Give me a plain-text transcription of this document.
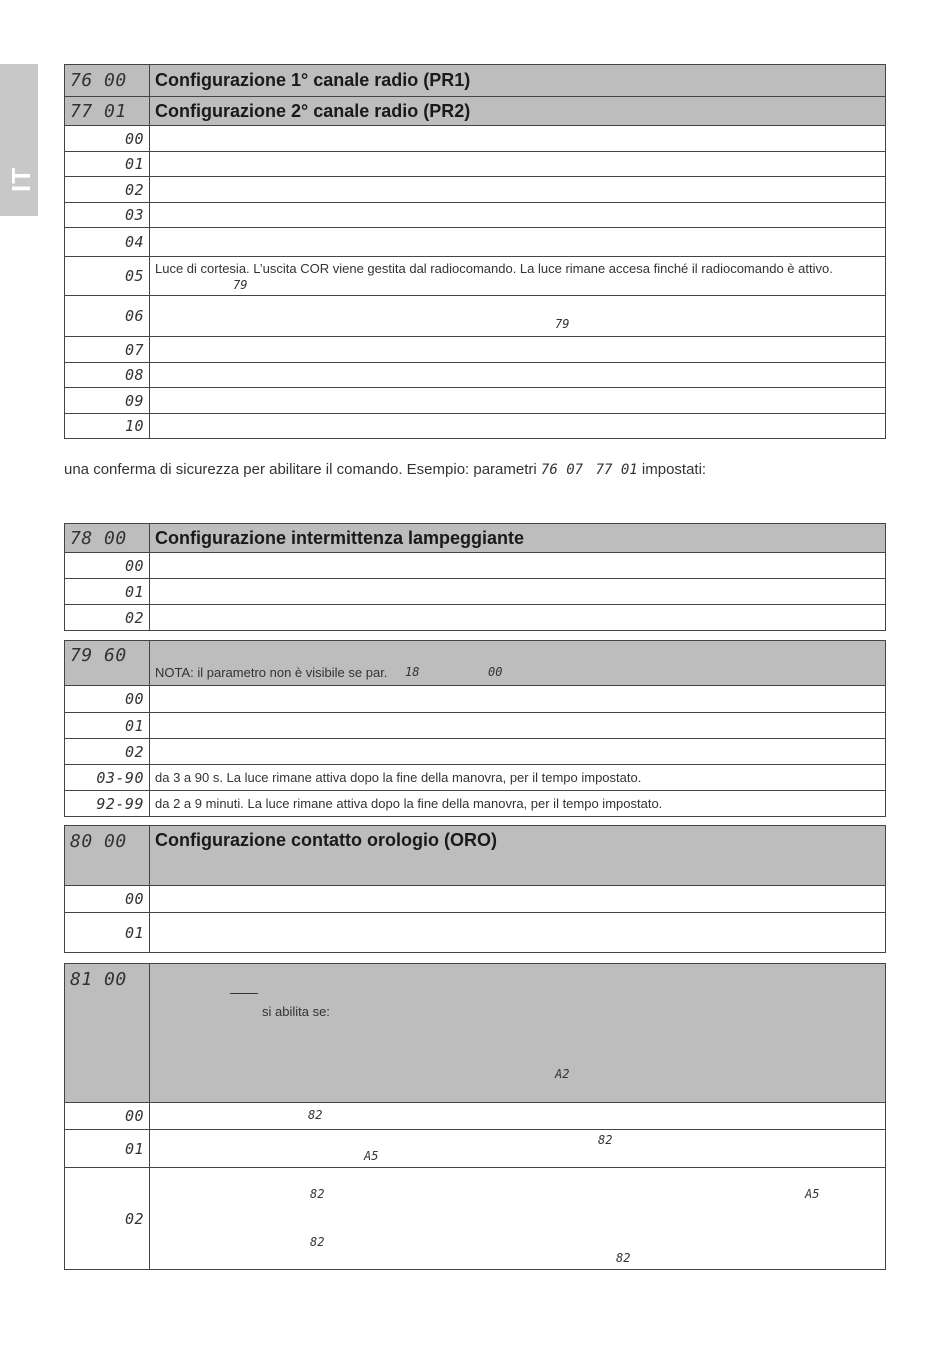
IT
76 00	Configurazione 1° canale radio (PR1)
77 01	Configurazione 2° canale radio (PR2)
00	
01	
02	
03	
04	
05	Luce di cortesia. L’uscita COR viene gestita dal radiocomando. La luce rimane accesa finché il radiocomando è attivo.
79

06	79

07	
08	
09	
10	
una conferma di sicurezza per abilitare il comando. Esempio: parametri 76 07 77 01 impostati:
78 00	Configurazione intermittenza lampeggiante
00	
01	
02	
79 60	NOTA: il parametro non è visibile se par. 18 00

00	
01	
02	
03-90	da 3 a 90 s. La luce rimane attiva dopo la fine della manovra, per il tempo impostato.
92-99	da 2 a 9 minuti. La luce rimane attiva dopo la fine della manovra, per il tempo impostato.
80 00	Configurazione contatto orologio (ORO)
00	
01	
81 00	si abilita se:
A2

00	82

01	82
A5

02	82 A5
82
82
